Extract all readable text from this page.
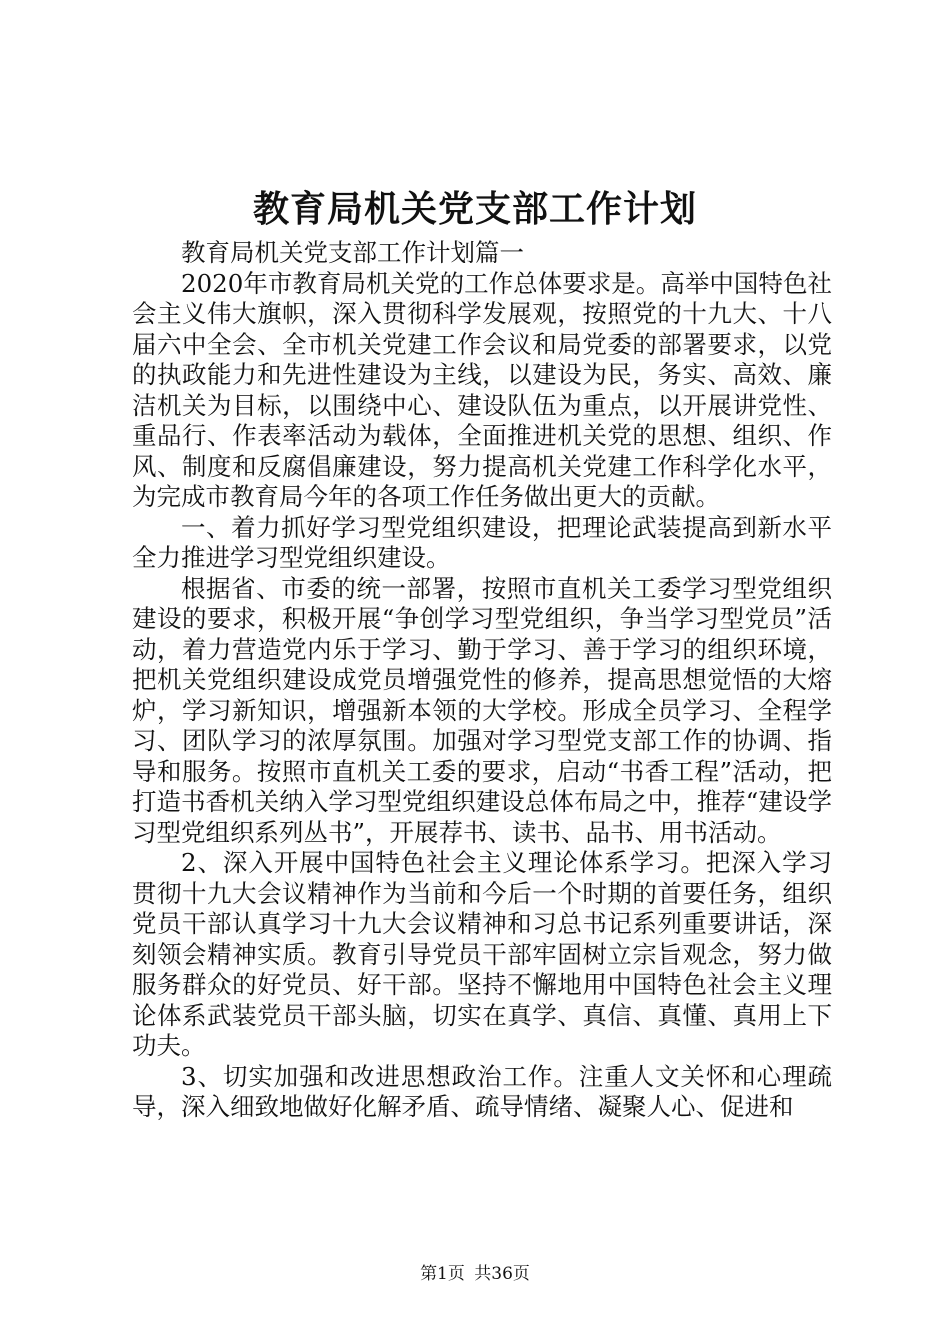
教育局机关党支部工作计划

教育局机关党支部工作计划篇一

2020年市教育局机关党的工作总体要求是。高举中国特色社会主义伟大旗帜，深入贯彻科学发展观，按照党的十九大、十八届六中全会、全市机关党建工作会议和局党委的部署要求，以党的执政能力和先进性建设为主线，以建设为民，务实、高效、廉洁机关为目标，以围绕中心、建设队伍为重点，以开展讲党性、重品行、作表率活动为载体，全面推进机关党的思想、组织、作风、制度和反腐倡廉建设，努力提高机关党建工作科学化水平，为完成市教育局今年的各项工作任务做出更大的贡献。

一、着力抓好学习型党组织建设，把理论武装提高到新水平全力推进学习型党组织建设。

根据省、市委的统一部署，按照市直机关工委学习型党组织建设的要求，积极开展“争创学习型党组织，争当学习型党员”活动，着力营造党内乐于学习、勤于学习、善于学习的组织环境，把机关党组织建设成党员增强党性的修养，提高思想觉悟的大熔炉，学习新知识，增强新本领的大学校。形成全员学习、全程学习、团队学习的浓厚氛围。加强对学习型党支部工作的协调、指导和服务。按照市直机关工委的要求，启动“书香工程”活动，把打造书香机关纳入学习型党组织建设总体布局之中，推荐“建设学习型党组织系列丛书”，开展荐书、读书、品书、用书活动。

2、深入开展中国特色社会主义理论体系学习。把深入学习贯彻十九大会议精神作为当前和今后一个时期的首要任务，组织党员干部认真学习十九大会议精神和习总书记系列重要讲话，深刻领会精神实质。教育引导党员干部牢固树立宗旨观念，努力做服务群众的好党员、好干部。坚持不懈地用中国特色社会主义理论体系武装党员干部头脑，切实在真学、真信、真懂、真用上下功夫。

3、切实加强和改进思想政治工作。注重人文关怀和心理疏导，深入细致地做好化解矛盾、疏导情绪、凝聚人心、促进和

第1页 共36页
